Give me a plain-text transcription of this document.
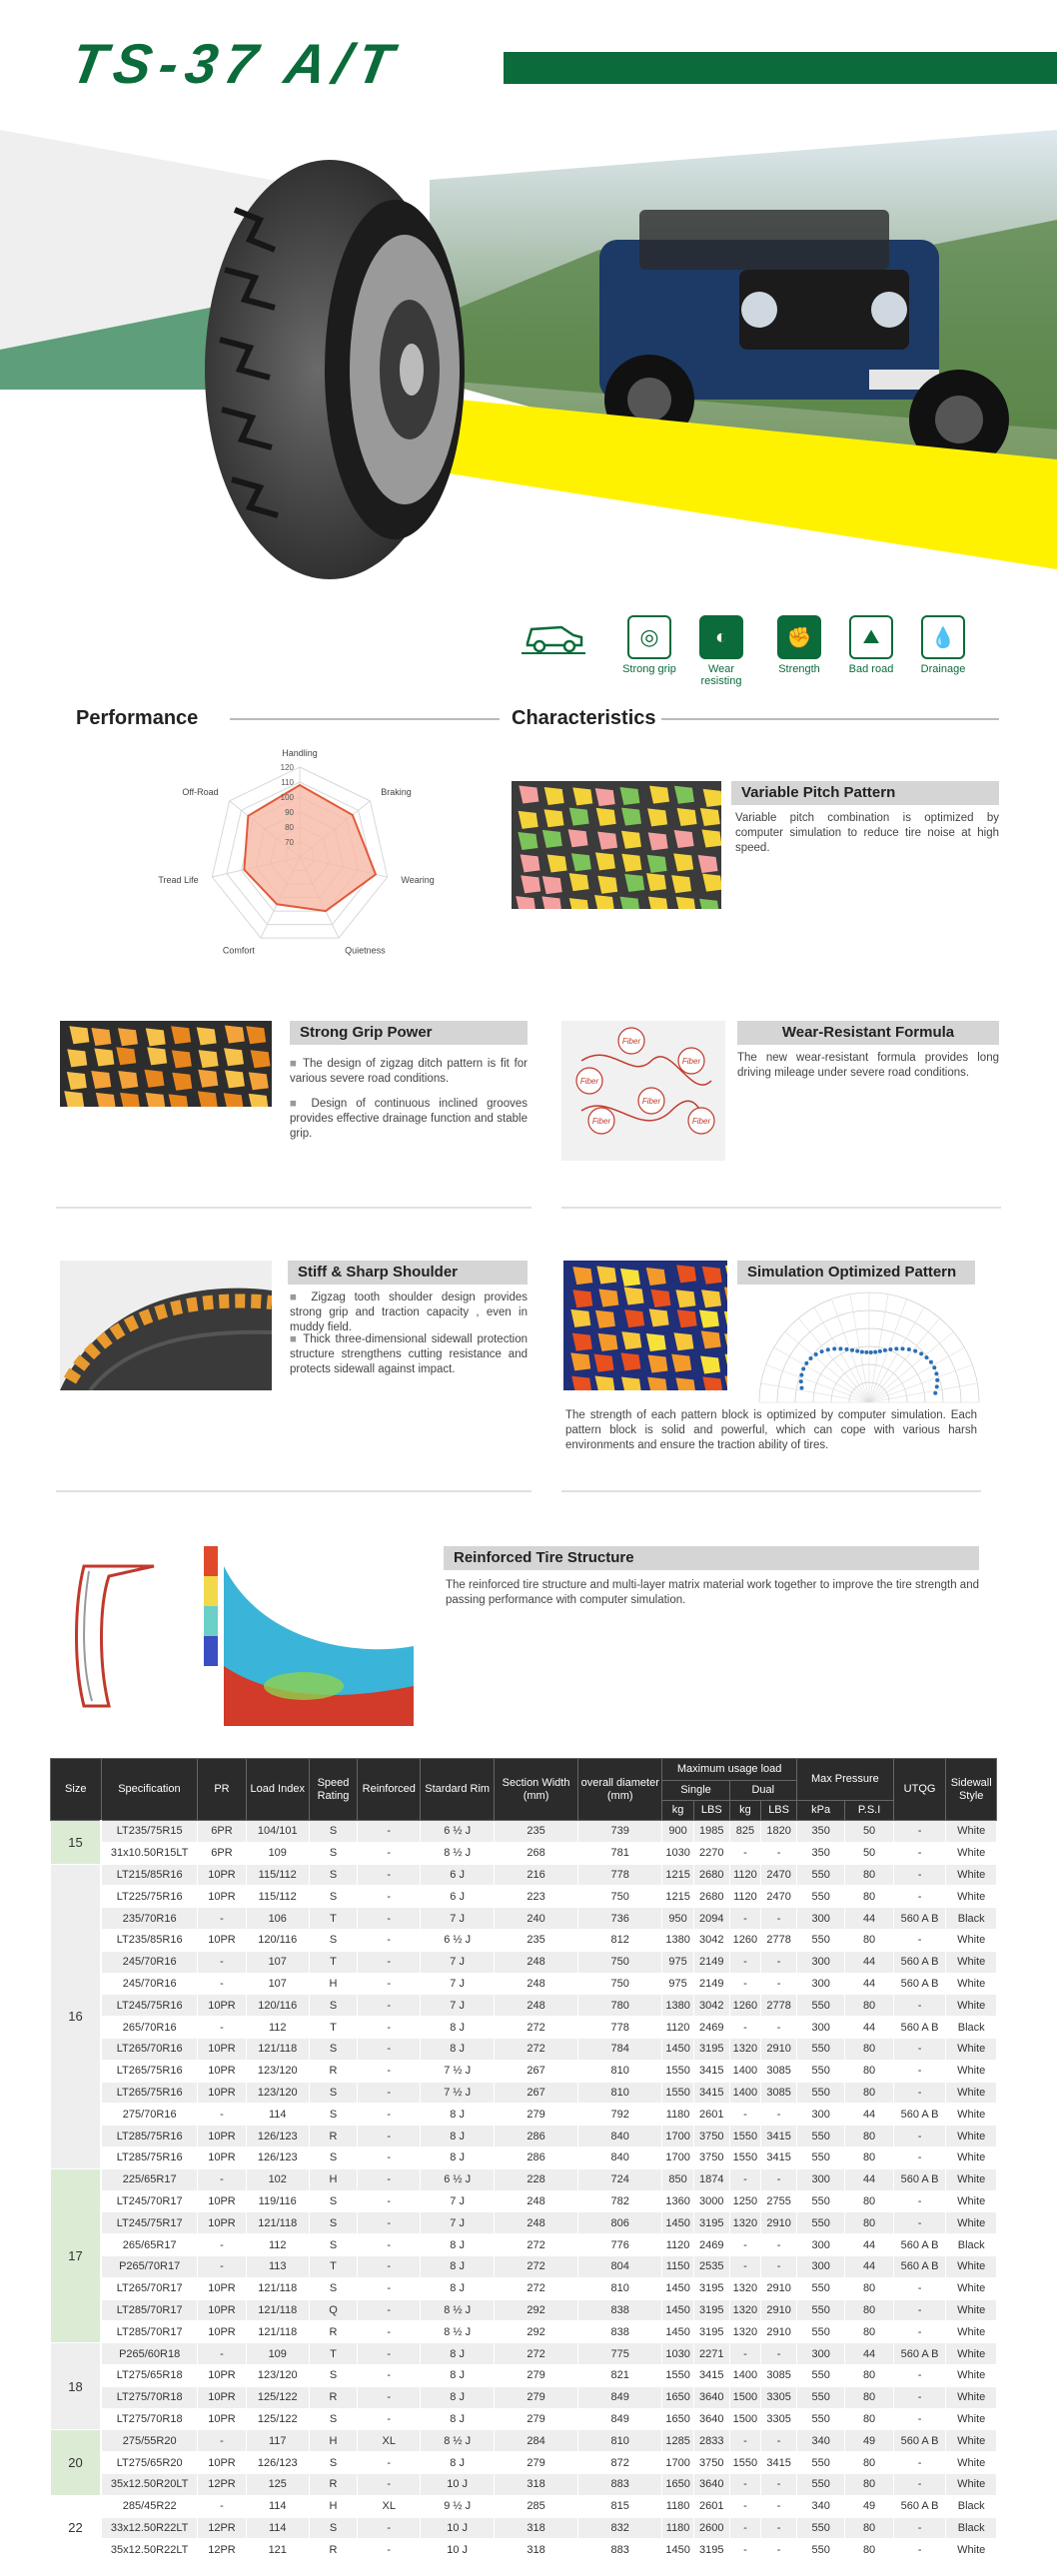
TS-37 A/T
◎
Strong grip
◐
Wear resisting
✊
Strength
⛰
Bad road
💧
Drainage
Performance	Characteristics
70
80
90
100
110
120
Handling
Braking
Wearing
Quietness
Comfort
Tread Life
Off-Road	Variable Pitch Pattern
Variable pitch combination is optimized by computer simulation to reduce tire noise at high speed.
Strong Grip Power
■ The design of zigzag ditch pattern is fit for various severe road conditions.
■ Design of continuous inclined grooves provides effective drainage function and stable grip.
Fiber
Fiber
Fiber
Fiber
Fiber	Fiber
Wear-Resistant Formula
The new wear-resistant formula provides long driving mileage under severe road conditions.
Stiff & Sharp Shoulder
■ Zigzag tooth shoulder design provides strong grip and traction capacity , even in muddy field.
■ Thick three-dimensional sidewall protection structure strengthens cutting resistance and protects sidewall against impact.
Simulation Optimized Pattern
The strength of each pattern block is optimized by computer simulation. Each pattern block is solid and powerful, which can cope with various harsh environments and ensure the traction ability of tires.
Reinforced Tire Structure
The reinforced tire structure and multi-layer matrix material work together to improve the tire strength and passing performance with computer simulation.
Size	Specification	PR	Load Index	Speed Rating	Reinforced	Stardard Rim	Section Width (mm)	overall diameter (mm)	Maximum usage load				Max Pressure		UTQG	Sidewall Style
									Single		Dual					
									kg	LBS	kg	LBS	kPa	P.S.I		
15	LT235/75R15	6PR	104/101	S	-	6 ½ J	235	739	900	1985	825	1820	350	50	-	White
	31x10.50R15LT	6PR	109	S	-	8 ½ J	268	781	1030	2270	-	-	350	50	-	White
16	LT215/85R16	10PR	115/112	S	-	6 J	216	778	1215	2680	1120	2470	550	80	-	White
	LT225/75R16	10PR	115/112	S	-	6 J	223	750	1215	2680	1120	2470	550	80	-	White
	235/70R16	-	106	T	-	7 J	240	736	950	2094	-	-	300	44	560 A B	Black
	LT235/85R16	10PR	120/116	S	-	6 ½ J	235	812	1380	3042	1260	2778	550	80	-	White
	245/70R16	-	107	T	-	7 J	248	750	975	2149	-	-	300	44	560 A B	White
	245/70R16	-	107	H	-	7 J	248	750	975	2149	-	-	300	44	560 A B	White
	LT245/75R16	10PR	120/116	S	-	7 J	248	780	1380	3042	1260	2778	550	80	-	White
	265/70R16	-	112	T	-	8 J	272	778	1120	2469	-	-	300	44	560 A B	Black
	LT265/70R16	10PR	121/118	S	-	8 J	272	784	1450	3195	1320	2910	550	80	-	White
	LT265/75R16	10PR	123/120	R	-	7 ½ J	267	810	1550	3415	1400	3085	550	80	-	White
	LT265/75R16	10PR	123/120	S	-	7 ½ J	267	810	1550	3415	1400	3085	550	80	-	White
	275/70R16	-	114	S	-	8 J	279	792	1180	2601	-	-	300	44	560 A B	White
	LT285/75R16	10PR	126/123	R	-	8 J	286	840	1700	3750	1550	3415	550	80	-	White
	LT285/75R16	10PR	126/123	S	-	8 J	286	840	1700	3750	1550	3415	550	80	-	White
17	225/65R17	-	102	H	-	6 ½ J	228	724	850	1874	-	-	300	44	560 A B	White
	LT245/70R17	10PR	119/116	S	-	7 J	248	782	1360	3000	1250	2755	550	80	-	White
	LT245/75R17	10PR	121/118	S	-	7 J	248	806	1450	3195	1320	2910	550	80	-	White
	265/65R17	-	112	S	-	8 J	272	776	1120	2469	-	-	300	44	560 A B	Black
	P265/70R17	-	113	T	-	8 J	272	804	1150	2535	-	-	300	44	560 A B	White
	LT265/70R17	10PR	121/118	S	-	8 J	272	810	1450	3195	1320	2910	550	80	-	White
	LT285/70R17	10PR	121/118	Q	-	8 ½ J	292	838	1450	3195	1320	2910	550	80	-	White
	LT285/70R17	10PR	121/118	R	-	8 ½ J	292	838	1450	3195	1320	2910	550	80	-	White
18	P265/60R18	-	109	T	-	8 J	272	775	1030	2271	-	-	300	44	560 A B	White
	LT275/65R18	10PR	123/120	S	-	8 J	279	821	1550	3415	1400	3085	550	80	-	White
	LT275/70R18	10PR	125/122	R	-	8 J	279	849	1650	3640	1500	3305	550	80	-	White
	LT275/70R18	10PR	125/122	S	-	8 J	279	849	1650	3640	1500	3305	550	80	-	White
20	275/55R20	-	117	H	XL	8 ½ J	284	810	1285	2833	-	-	340	49	560 A B	White
	LT275/65R20	10PR	126/123	S	-	8 J	279	872	1700	3750	1550	3415	550	80	-	White
	35x12.50R20LT	12PR	125	R	-	10 J	318	883	1650	3640	-	-	550	80	-	White
22	285/45R22	-	114	H	XL	9 ½ J	285	815	1180	2601	-	-	340	49	560 A B	Black
	33x12.50R22LT	12PR	114	S	-	10 J	318	832	1180	2600	-	-	550	80	-	Black
	35x12.50R22LT	12PR	121	R	-	10 J	318	883	1450	3195	-	-	550	80	-	White
